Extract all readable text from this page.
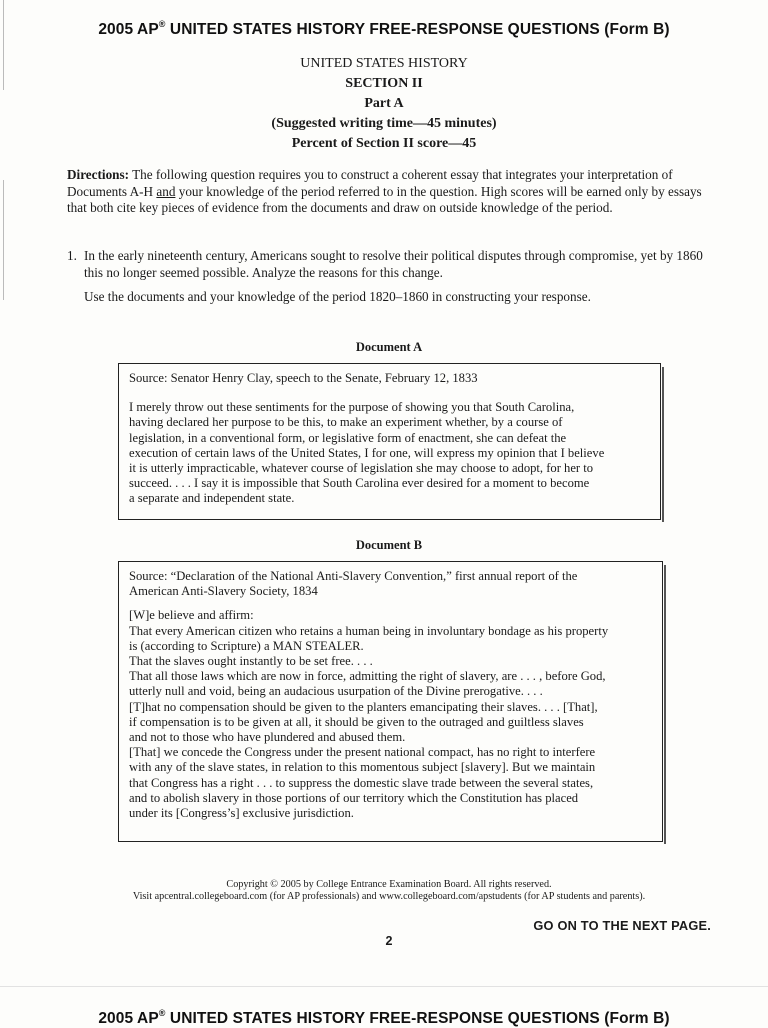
2005 AP® UNITED STATES HISTORY FREE-RESPONSE QUESTIONS (Form B)
UNITED STATES HISTORY
SECTION II
Part A
(Suggested writing time—45 minutes)
Percent of Section II score—45
Directions: The following question requires you to construct a coherent essay that integrates your interpretation of Documents A-H and your knowledge of the period referred to in the question. High scores will be earned only by essays that both cite key pieces of evidence from the documents and draw on outside knowledge of the period.
1. In the early nineteenth century, Americans sought to resolve their political disputes through compromise, yet by 1860 this no longer seemed possible. Analyze the reasons for this change.
Use the documents and your knowledge of the period 1820–1860 in constructing your response.
Document A
Source: Senator Henry Clay, speech to the Senate, February 12, 1833
I merely throw out these sentiments for the purpose of showing you that South Carolina,
having declared her purpose to be this, to make an experiment whether, by a course of
legislation, in a conventional form, or legislative form of enactment, she can defeat the
execution of certain laws of the United States, I for one, will express my opinion that I believe
it is utterly impracticable, whatever course of legislation she may choose to adopt, for her to
succeed. . . . I say it is impossible that South Carolina ever desired for a moment to become
a separate and independent state.
Document B
Source: “Declaration of the National Anti-Slavery Convention,” first annual report of the
American Anti-Slavery Society, 1834
[W]e believe and affirm:
That every American citizen who retains a human being in involuntary bondage as his property
is (according to Scripture) a MAN STEALER.
That the slaves ought instantly to be set free. . . .
That all those laws which are now in force, admitting the right of slavery, are . . . , before God,
utterly null and void, being an audacious usurpation of the Divine prerogative. . . .
[T]hat no compensation should be given to the planters emancipating their slaves. . . . [That],
if compensation is to be given at all, it should be given to the outraged and guiltless slaves
and not to those who have plundered and abused them.
[That] we concede the Congress under the present national compact, has no right to interfere
with any of the slave states, in relation to this momentous subject [slavery]. But we maintain
that Congress has a right . . . to suppress the domestic slave trade between the several states,
and to abolish slavery in those portions of our territory which the Constitution has placed
under its [Congress’s] exclusive jurisdiction.
Copyright © 2005 by College Entrance Examination Board. All rights reserved.
Visit apcentral.collegeboard.com (for AP professionals) and www.collegeboard.com/apstudents (for AP students and parents).
GO ON TO THE NEXT PAGE.
2
2005 AP® UNITED STATES HISTORY FREE-RESPONSE QUESTIONS (Form B)
